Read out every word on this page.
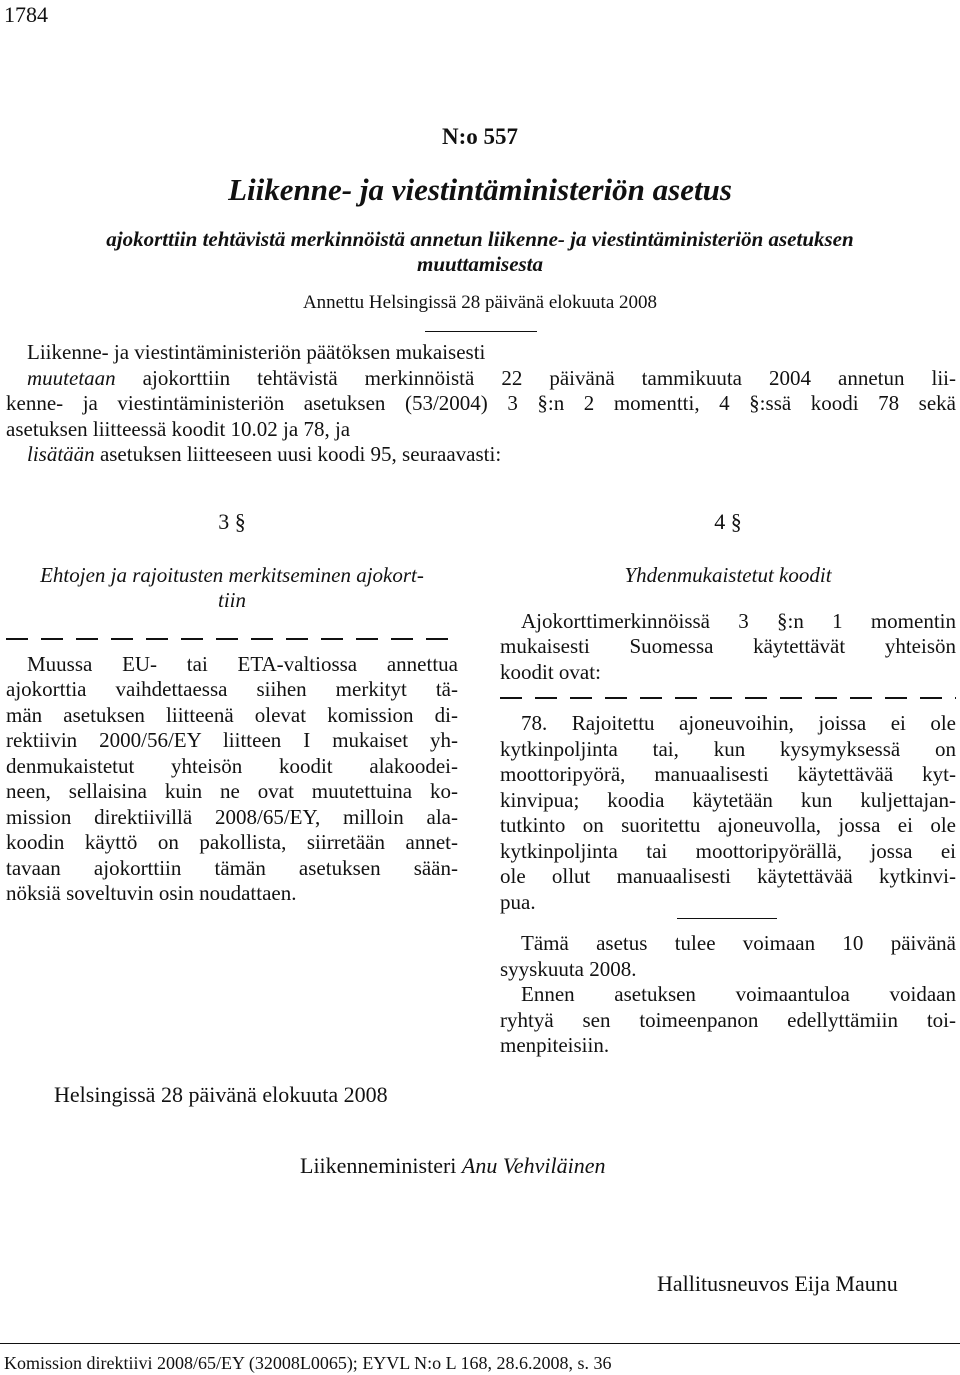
1784
N:o 557
Liikenne- ja viestintäministeriön asetus
ajokorttiin tehtävistä merkinnöistä annetun liikenne- ja viestintäministeriön asetuksen
muuttamisesta
Annettu Helsingissä 28 päivänä elokuuta 2008
Liikenne- ja viestintäministeriön päätöksen mukaisesti
muutetaan ajokorttiin tehtävistä merkinnöistä 22 päivänä tammikuuta 2004 annetun lii-
kenne- ja viestintäministeriön asetuksen (53/2004) 3 §:n 2 momentti, 4 §:ssä koodi 78 sekä
asetuksen liitteessä koodit 10.02 ja 78, ja
lisätään asetuksen liitteeseen uusi koodi 95, seuraavasti:
3 §
Ehtojen ja rajoitusten merkitseminen ajokort-
tiin

Muussa EU- tai ETA-valtiossa annettua
ajokorttia vaihdettaessa siihen merkityt tä-
män asetuksen liitteenä olevat komission di-
rektiivin 2000/56/EY liitteen I mukaiset yh-
denmukaistetut yhteisön koodit alakoodei-
neen, sellaisina kuin ne ovat muutettuina ko-
mission direktiivillä 2008/65/EY, milloin ala-
koodin käyttö on pakollista, siirretään annet-
tavaan ajokorttiin tämän asetuksen sään-
nöksiä soveltuvin osin noudattaen.

4 §
Yhdenmukaistetut koodit

Ajokorttimerkinnöissä 3 §:n 1 momentin
mukaisesti Suomessa käytettävät yhteisön
koodit ovat:

78. Rajoitettu ajoneuvoihin, joissa ei ole
kytkinpoljinta tai, kun kysymyksessä on
moottoripyörä, manuaalisesti käytettävää kyt-
kinvipua; koodia käytetään kun kuljettajan-
tutkinto on suoritettu ajoneuvolla, jossa ei ole
kytkinpoljinta tai moottoripyörällä, jossa ei
ole ollut manuaalisesti käytettävää kytkinvi-
pua.

Tämä asetus tulee voimaan 10 päivänä
syyskuuta 2008.

Ennen asetuksen voimaantuloa voidaan
ryhtyä sen toimeenpanon edellyttämiin toi-
menpiteisiin.

Helsingissä 28 päivänä elokuuta 2008
Liikenneministeri Anu Vehviläinen
Hallitusneuvos Eija Maunu
Komission direktiivi 2008/65/EY (32008L0065); EYVL N:o L 168, 28.6.2008, s. 36
